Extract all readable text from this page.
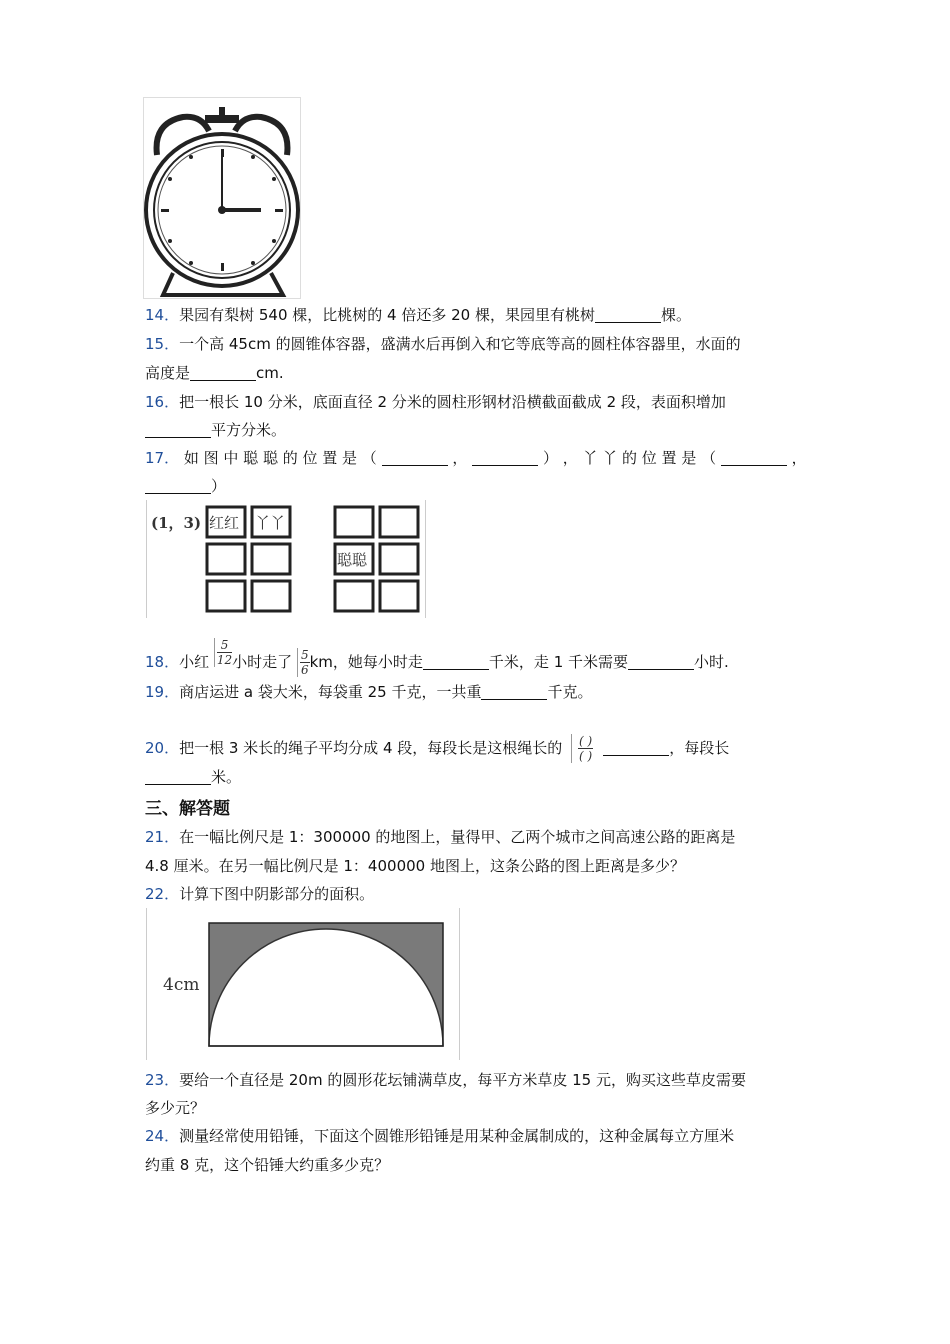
14．果园有梨树 540 棵，比桃树的 4 倍还多 20 棵，果园里有桃树	棵。
15．一个高 45cm 的圆锥体容器，盛满水后再倒入和它等底等高的圆柱体容器里，水面的
高度是	cm.
16．把一根长 10 分米，底面直径 2 分米的圆柱形钢材沿横截面截成 2 段，表面积增加
平方分米。
17． 如 图 中 聪 聪 的 位 置 是 （	，	） ， 丫 丫 的 位 置 是 （	，
）
(1，3) 红红 丫丫
聪聪
18．小红 $\frac{5}{12}$小时走了 $\frac{5}{6}km$，她每小时走	千米，走 1 千米需要	小时.
19．商店运进 a 袋大米，每袋重 25 千克，一共重	千克。
20．把一根 3 米长的绳子平均分成 4 段，每段长是这根绳长的 $\frac{( )}{( )}$	，每段长
米。
三、解答题
21．在一幅比例尺是 1：300000 的地图上，量得甲、乙两个城市之间高速公路的距离是
4.8 厘米。在另一幅比例尺是 1：400000 地图上，这条公路的图上距离是多少？
22．计算下图中阴影部分的面积。
4cm
23．要给一个直径是 20m 的圆形花坛铺满草皮，每平方米草皮 15 元，购买这些草皮需要
多少元？
24．测量经常使用铅锤，下面这个圆锥形铅锤是用某种金属制成的，这种金属每立方厘米
约重 8 克，这个铅锤大约重多少克？
